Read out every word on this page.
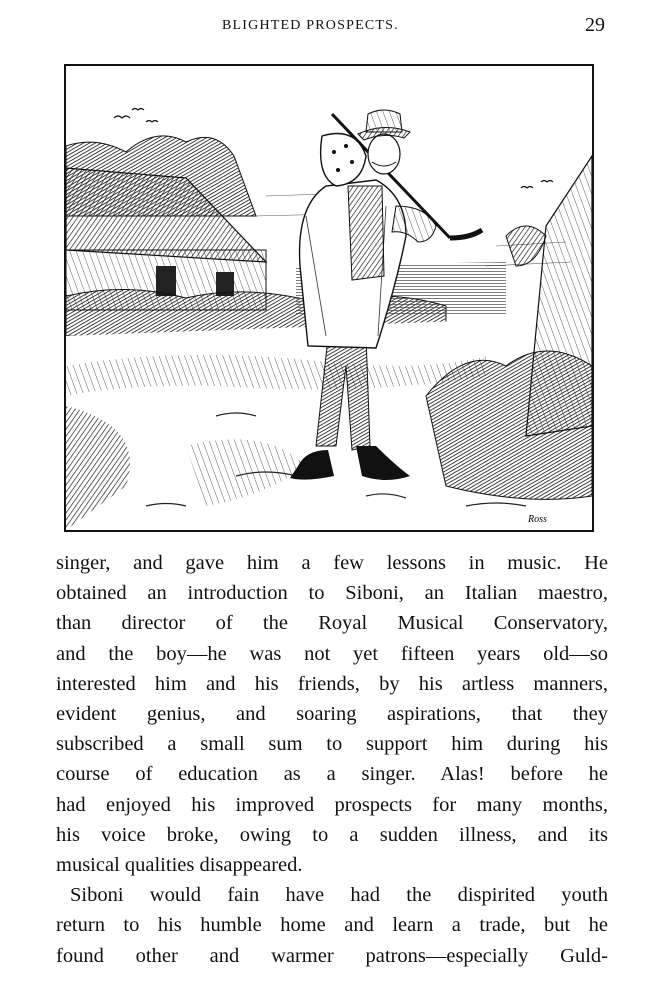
BLIGHTED PROSPECTS.	29
Ross
singer, and gave him a few lessons in music. He
obtained an introduction to Siboni, an Italian maestro,
than director of the Royal Musical Conservatory,
and the boy—he was not yet fifteen years old—so
interested him and his friends, by his artless manners,
evident genius, and soaring aspirations, that they
subscribed a small sum to support him during his
course of education as a singer. Alas! before he
had enjoyed his improved prospects for many months,
his voice broke, owing to a sudden illness, and its
musical qualities disappeared.
Siboni would fain have had the dispirited youth
return to his humble home and learn a trade, but he
found other and warmer patrons—especially Guld-
